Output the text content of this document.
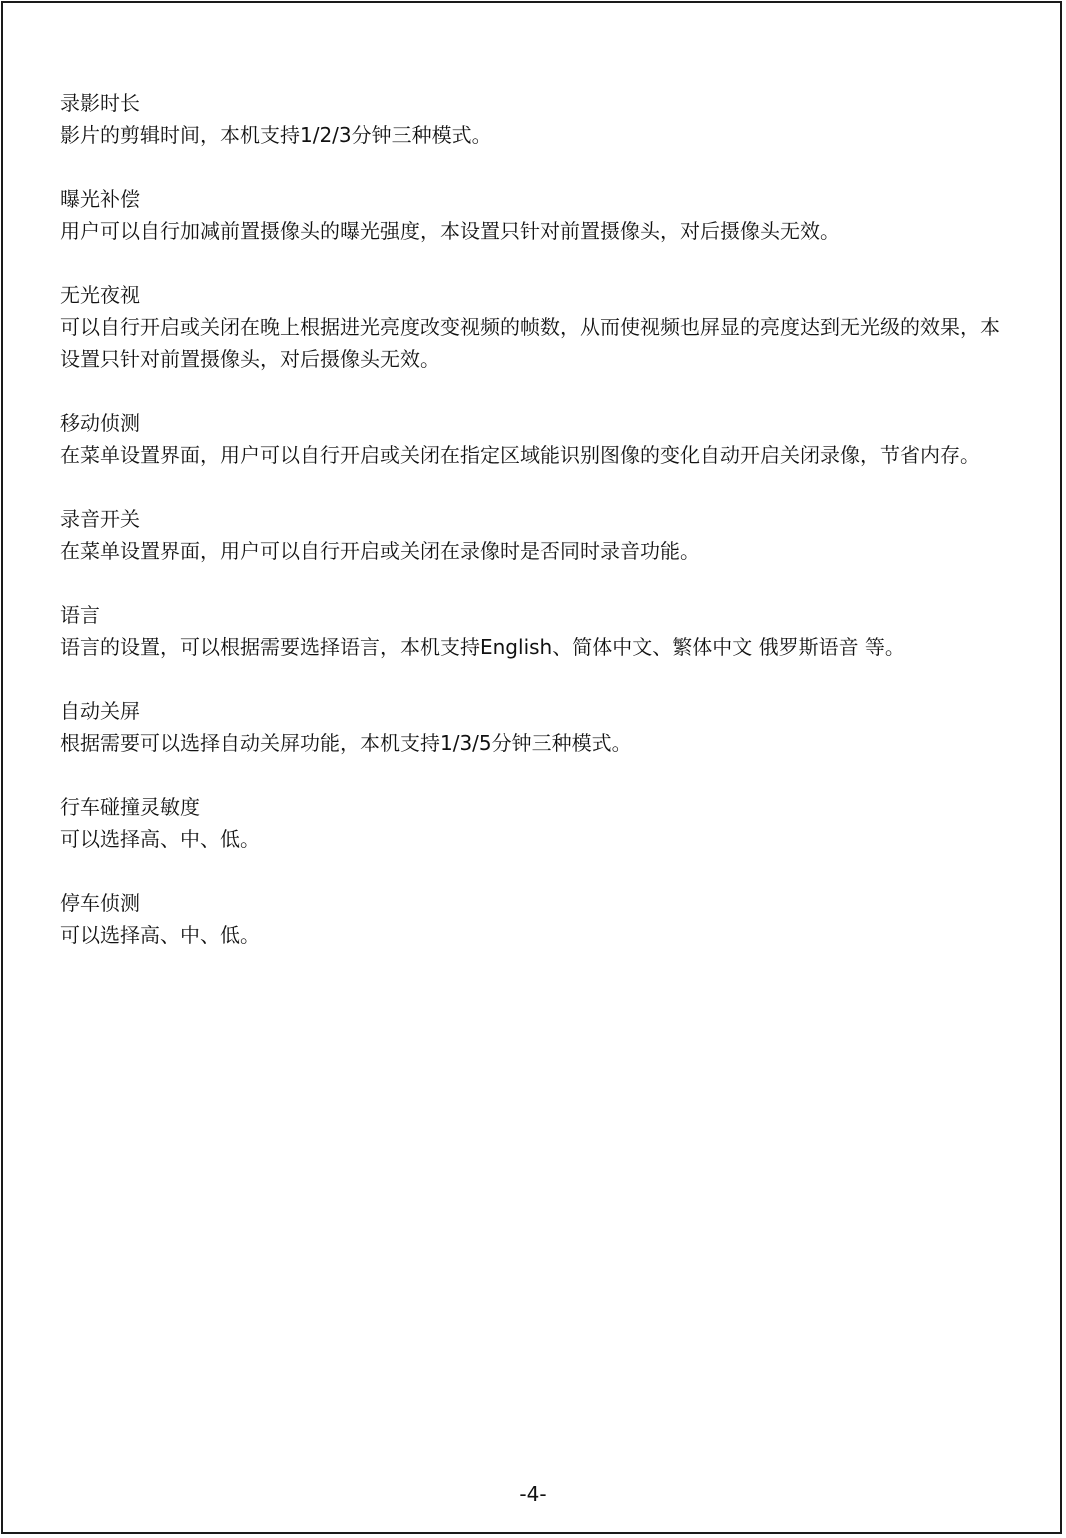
录影时长

影片的剪辑时间，本机支持1/2/3分钟三种模式。

曝光补偿

用户可以自行加减前置摄像头的曝光强度，本设置只针对前置摄像头，对后摄像头无效。

无光夜视

可以自行开启或关闭在晚上根据进光亮度改变视频的帧数，从而使视频也屏显的亮度达到无光级的效果，本设置只针对前置摄像头，对后摄像头无效。

移动侦测

在菜单设置界面，用户可以自行开启或关闭在指定区域能识别图像的变化自动开启关闭录像，节省内存。

录音开关

在菜单设置界面，用户可以自行开启或关闭在录像时是否同时录音功能。

语言

语言的设置，可以根据需要选择语言，本机支持English、简体中文、繁体中文 俄罗斯语音 等。

自动关屏

根据需要可以选择自动关屏功能，本机支持1/3/5分钟三种模式。

行车碰撞灵敏度

可以选择高、中、低。

停车侦测

可以选择高、中、低。

-4-
